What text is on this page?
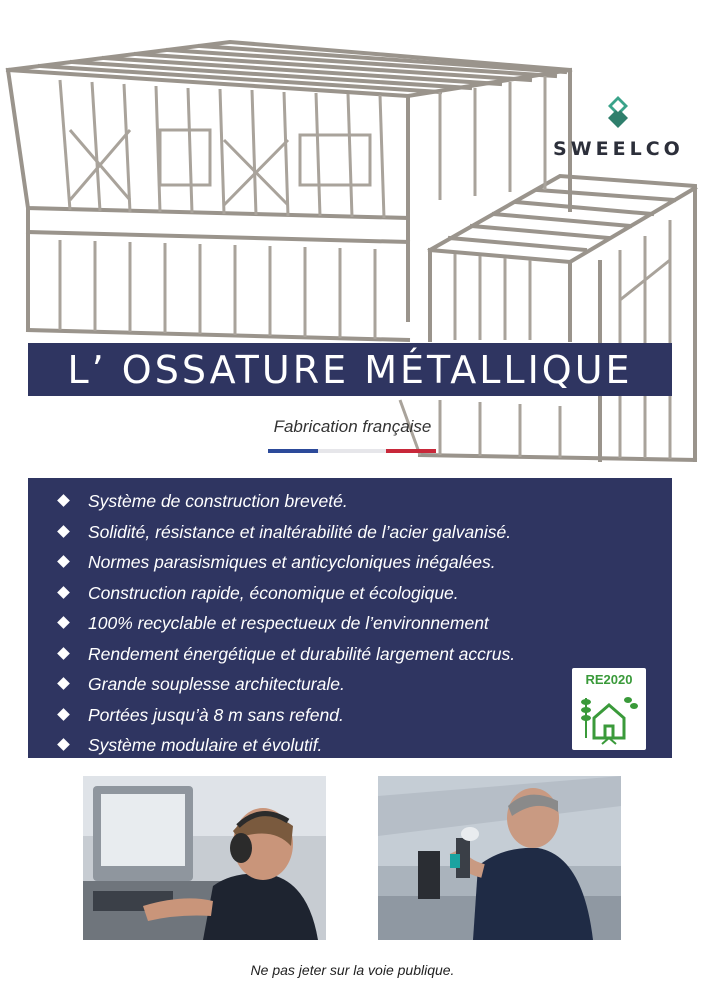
SWEELCO
L’ OSSATURE MÉTALLIQUE
Fabrication française
Système de construction breveté.
Solidité, résistance et inaltérabilité de l’acier galvanisé.
Normes parasismiques et anticycloniques inégalées.
Construction rapide, économique et écologique.
100% recyclable et respectueux de l’environnement
Rendement énergétique et durabilité largement accrus.
Grande souplesse architecturale.
Portées jusqu’à 8 m sans refend.
Système modulaire et évolutif.
RE2020
Ne pas jeter sur la voie publique.
